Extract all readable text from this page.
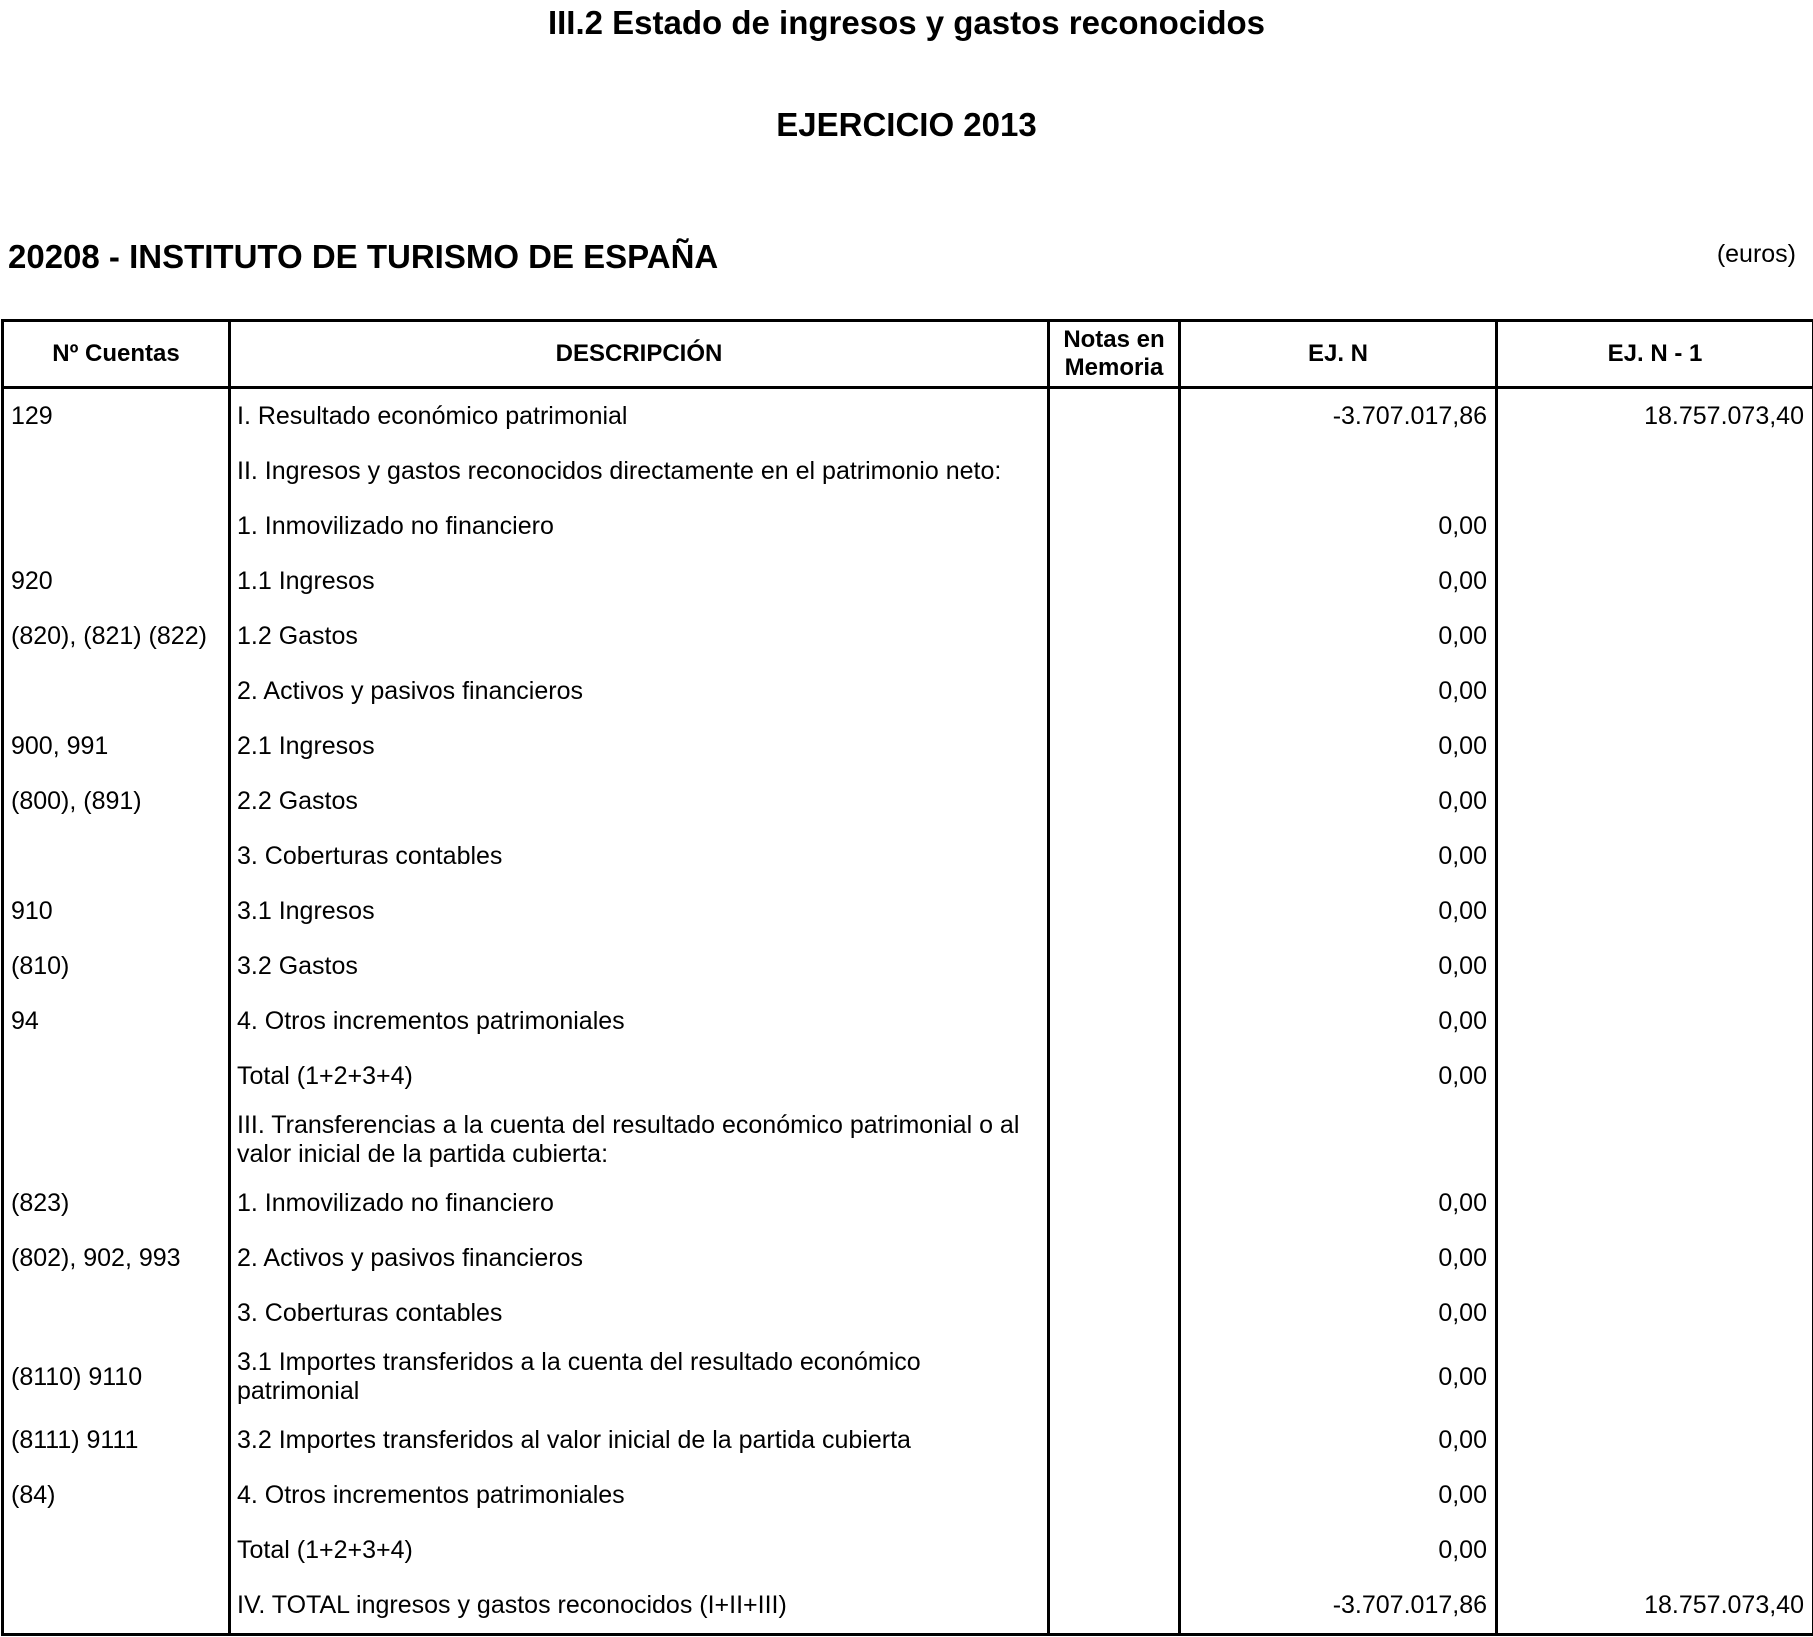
III.2 Estado de ingresos y gastos reconocidos
EJERCICIO 2013
20208 - INSTITUTO DE TURISMO DE ESPAÑA	(euros)
Nº Cuentas	DESCRIPCIÓN	Notas en Memoria	EJ. N	EJ. N - 1
129	I. Resultado económico patrimonial		-3.707.017,86	18.757.073,40
	II. Ingresos y gastos reconocidos directamente en el patrimonio neto:			
	1. Inmovilizado no financiero		0,00	
920	1.1 Ingresos		0,00	
(820), (821) (822)	1.2 Gastos		0,00	
	2. Activos y pasivos financieros		0,00	
900, 991	2.1 Ingresos		0,00	
(800), (891)	2.2 Gastos		0,00	
	3. Coberturas contables		0,00	
910	3.1 Ingresos		0,00	
(810)	3.2 Gastos		0,00	
94	4. Otros incrementos patrimoniales		0,00	
	Total (1+2+3+4)		0,00	
	III. Transferencias a la cuenta del resultado económico patrimonial o al valor inicial de la partida cubierta:			
(823)	1. Inmovilizado no financiero		0,00	
(802), 902, 993	2. Activos y pasivos financieros		0,00	
	3. Coberturas contables		0,00	
(8110) 9110	3.1 Importes transferidos a la cuenta del resultado económico patrimonial		0,00	
(8111) 9111	3.2 Importes transferidos al valor inicial de la partida cubierta		0,00	
(84)	4. Otros incrementos patrimoniales		0,00	
	Total (1+2+3+4)		0,00	
	IV. TOTAL ingresos y gastos reconocidos (I+II+III)		-3.707.017,86	18.757.073,40
